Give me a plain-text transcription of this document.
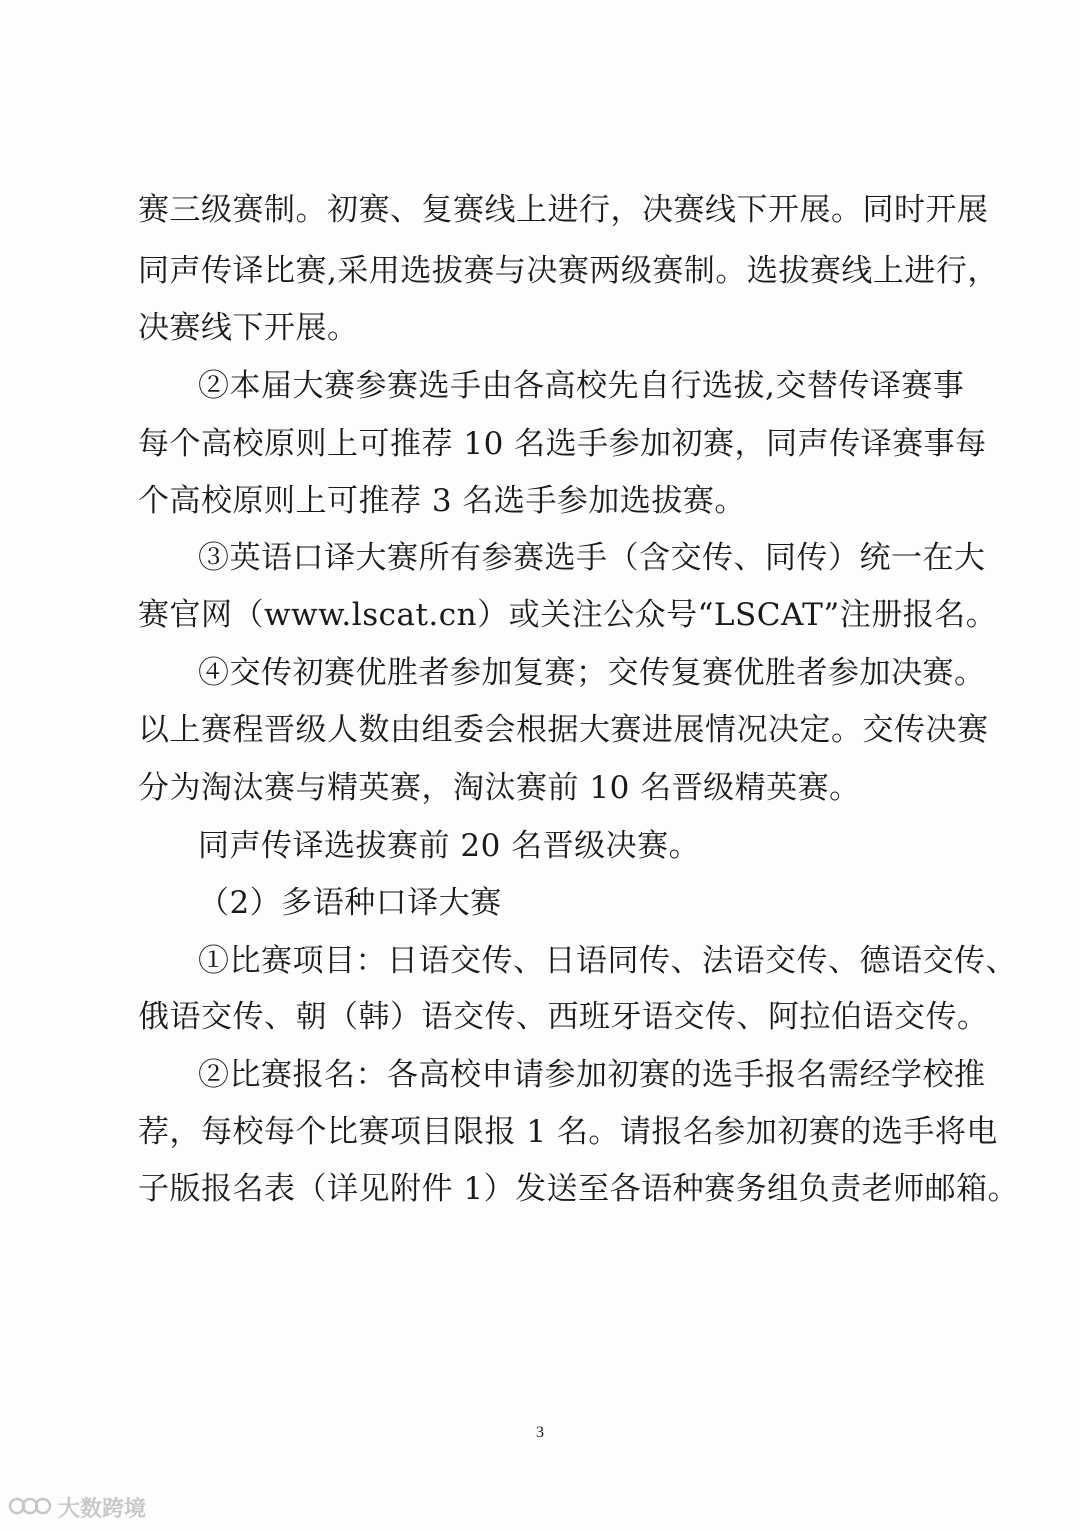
赛三级赛制。初赛、复赛线上进行，决赛线下开展。同时开展
同声传译比赛,采用选拔赛与决赛两级赛制。选拔赛线上进行，
决赛线下开展。
②本届大赛参赛选手由各高校先自行选拔,交替传译赛事
每个高校原则上可推荐 10 名选手参加初赛，同声传译赛事每
个高校原则上可推荐 3 名选手参加选拔赛。
③英语口译大赛所有参赛选手（含交传、同传）统一在大
赛官网（www.lscat.cn）或关注公众号“LSCAT”注册报名。
④交传初赛优胜者参加复赛；交传复赛优胜者参加决赛。
以上赛程晋级人数由组委会根据大赛进展情况决定。交传决赛
分为淘汰赛与精英赛，淘汰赛前 10 名晋级精英赛。
同声传译选拔赛前 20 名晋级决赛。
（2）多语种口译大赛
①比赛项目：日语交传、日语同传、法语交传、德语交传、
俄语交传、朝（韩）语交传、西班牙语交传、阿拉伯语交传。
②比赛报名：各高校申请参加初赛的选手报名需经学校推
荐，每校每个比赛项目限报 1 名。请报名参加初赛的选手将电
子版报名表（详见附件 1）发送至各语种赛务组负责老师邮箱。
3
大数跨境
